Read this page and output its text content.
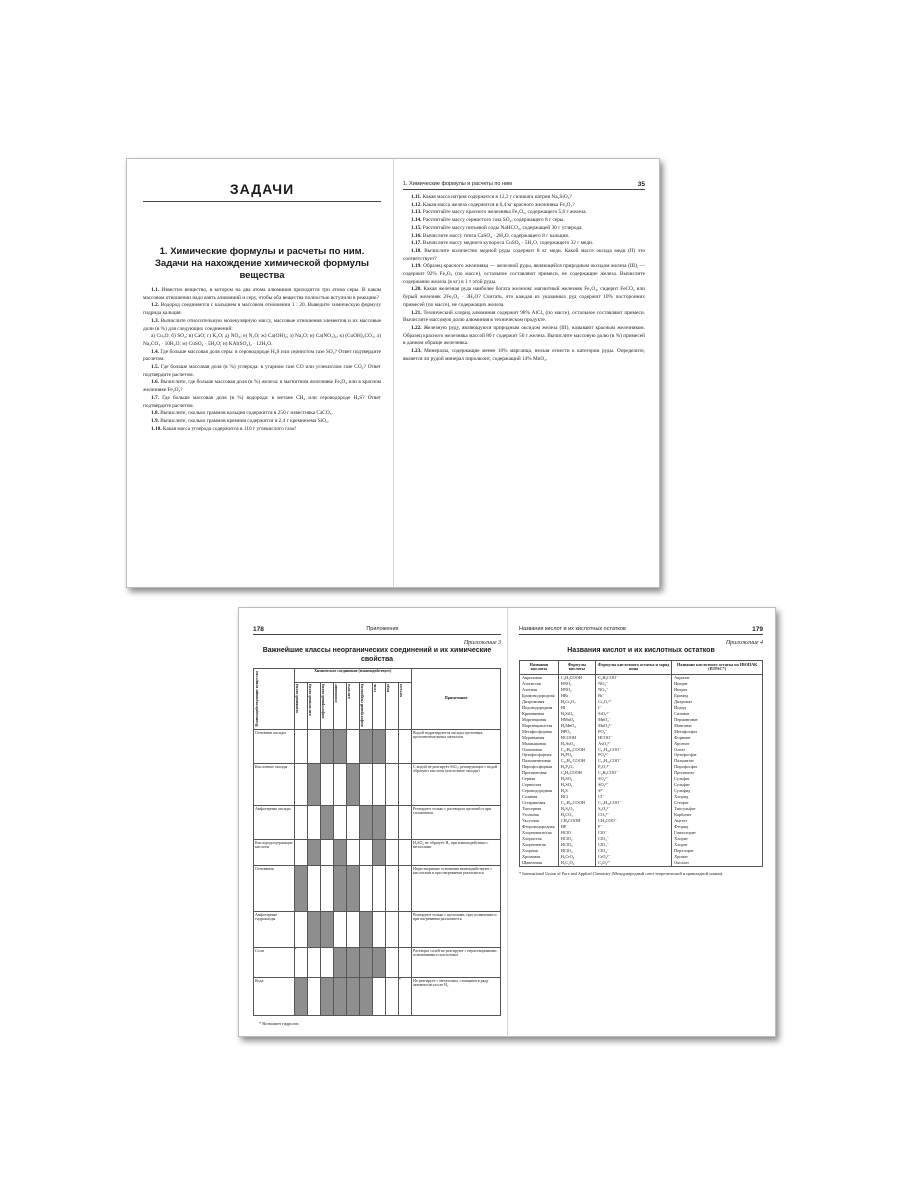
ЗАДАЧИ
1. Химические формулы и расчеты по ним. Задачи на нахождение химической формулы вещества

1.1. Известно вещество, в котором на два атома алюминия приходится три атома серы. В каком массовом отношении надо взять алюминий и серу, чтобы оба вещества полностью вступили в реакцию?

1.2. Водород соединяется с кальцием в массовом отношении 1 : 20. Выведите химическую формулу гидрида кальция.

1.3. Вычислите относительную молекулярную массу, массовые отношения элементов и их массовые доли (в %) для следующих соединений:

а) Cu₂O; б) SO₂; в) CaO; г) K₂O; д) NO₂; е) N₂O; ж) Ca(OH)₂; з) Na₂O; и) Ca(NO₃)₂; к) (CuOH)₂CO₃; л) Na₂CO₃ · 10H₂O; м) CuSO₄ · 5H₂O; н) KAl(SO₄)₂ · 12H₂O.

1.4. Где больше массовая доля серы: в сероводороде H₂S или сернистом газе SO₂? Ответ подтвердите расчетом.

1.5. Где больше массовая доля (в %) углерода: в угарном газе CO или углекислом газе CO₂? Ответ подтвердите расчетом.

1.6. Вычислите, где больше массовая доля (в %) железа: в магнитном железняке Fe₃O₄ или в красном железняке Fe₂O₃?

1.7. Где больше массовая доля (в %) водорода: в метане CH₄ или сероводороде H₂S? Ответ подтвердите расчетом.

1.8. Вычислите, сколько граммов кальция содержится в 250 г известняка CaCO₃.

1.9. Вычислите, сколько граммов кремния содержится в 2,4 г кремнезема SiO₂.

1.10. Какая масса углерода содержится в 110 г углекислого газа?

1. Химические формулы и расчеты по ним	35

1.11. Какая масса натрия содержится в 12,2 г силиката натрия Na₂SiO₃?

1.12. Какая масса железа содержится в 6,4 кг красного железняка Fe₂O₃?

1.13. Рассчитайте массу красного железняка Fe₂O₃, содержащего 5,6 г железа.

1.14. Рассчитайте массу сернистого газа SO₂, содержащего 8 г серы.

1.15. Рассчитайте массу питьевой соды NaHCO₃, содержащей 30 г углерода.

1.16. Вычислите массу гипса CaSO₄ · 2H₂O, содержащего 8 г кальция.

1.17. Вычислите массу медного купороса CuSO₄ · 5H₂O, содержащего 32 г меди.

1.18. Вычислите количество медной руды содержит 8 кг меди. Какой массе оксида меди (II) это соответствует?

1.19. Образец красного железняка — железной руды, являющейся природным оксидом железа (III), — содержит 92% Fe₂O₃ (по массе), остальное составляют примеси, не содержащие железа. Вычислите содержание железа (в кг) в 1 т этой руды.

1.20. Какая железная руда наиболее богата железом: магнитный железняк Fe₃O₄, сидерит FeCO₃ или бурый железняк 2Fe₂O₃ · 3H₂O? Считать, что каждая из указанных руд содержит 10% посторонних примесей (по массе), не содержащих железа.

1.21. Технический хлорид алюминия содержит 98% AlCl₃ (по массе), остальное составляют примеси. Вычислите массовую долю алюминия в техническом продукте.

1.22. Железную руду, являющуюся природным оксидом железа (III), называют красным железняком. Образец красного железняка массой 80 г содержит 50 г железа. Вычислите массовую долю (в %) примесей в данном образце железняка.

1.23. Минералы, содержащие менее 10% марганца, нельзя отнести к категории руды. Определите, является ли рудой минерал пиролюзит, содержащий 14% MnO₂.

178	Приложения
Приложение 3
Важнейшие классы неорганических соединений и их химические свойства
Взаимодействующие вещества	Химическое соединение (взаимодействует)									Примечание

	основный оксид	кислотный оксид	амфотерный оксид	основание	кислота	амфотерный гидроксид	соль	вода	металл	

Основные оксиды										Водой гидратируются оксиды щелочных, щелочноземельных металлов
Кислотные оксиды										С водой не реагирует SiO₂; реагирующие с водой образуют кислоты (кислотные оксиды)
Амфотерные оксиды										Реагируют только с раствором щелочей и при сплавлении
Кислородсодержащие кислоты										H₂SO₄ не образует H₂ при взаимодействии с металлами
Основания										Нерастворимые основания взаимодействуют с кислотами и при нагревании разлагаются
Амфотерные гидроксиды										Реагируют только с щелочами, при сплавлении и при нагревании разлагаются
Соли	*									Растворы солей не реагируют с нерастворимыми основаниями и кислотами
Вода									*	Не реагирует с металлами, стоящими в ряду активности после H₂
* Возможен гидролиз.
Названия кислот и их кислотных остатков	179
Приложение 4
Названия кислот и их кислотных остатков
Названия кислоты	Формулы кислоты	Формулы кислотного остатка и заряд иона	Название кислотного остатка по ИЮПАК (IUPAC*)
Акриловая	C₂H₃COOH	C₂H₃COO⁻	Акрилат
Азотистая	HNO₂	NO₂⁻	Нитрит
Азотная	HNO₃	NO₃⁻	Нитрат
Бромоводородная	HBr	Br⁻	Бромид
Дихромовая	H₂Cr₂O₇	Cr₂O₇²⁻	Дихромат
Йодоводородная	HI	I⁻	Йодид
Кремниевая	H₂SiO₃	SiO₃²⁻	Силикат
Марганцовая	HMnO₄	MnO₄⁻	Перманганат
Марганцовистая	H₂MnO₄	MnO₄²⁻	Манганат
Метафосфорная	HPO₃	PO₃⁻	Метафосфат
Муравьиная	HCOOH	HCOO⁻	Формиат
Мышьяковая	H₃AsO₄	AsO₄³⁻	Арсенат
Олеиновая	C₁₇H₃₃COOH	C₁₇H₃₃COO⁻	Олеат
Ортофосфорная	H₃PO₄	PO₄³⁻	Ортофосфат
Пальмитиновая	C₁₅H₃₁COOH	C₁₅H₃₁COO⁻	Пальмитат
Пирофосфорная	H₄P₂O₇	P₂O₇⁴⁻	Пирофосфат
Пропионовая	C₂H₅COOH	C₂H₅COO⁻	Пропионат
Серная	H₂SO₄	SO₄²⁻	Сульфат
Сернистая	H₂SO₃	SO₃²⁻	Сульфит
Сероводородная	H₂S	S²⁻	Сульфид
Соляная	HCl	Cl⁻	Хлорид
Стеариновая	C₁₇H₃₅COOH	C₁₇H₃₅COO⁻	Стеарат
Тиосерная	H₂S₂O₃	S₂O₃²⁻	Тиосульфат
Угольная	H₂CO₃	CO₃²⁻	Карбонат
Уксусная	CH₃COOH	CH₃COO⁻	Ацетат
Фтороводородная	HF	F⁻	Фторид
Хлорноватистая	HClO	ClO⁻	Гипохлорит
Хлористая	HClO₂	ClO₂⁻	Хлорит
Хлорноватая	HClO₃	ClO₃⁻	Хлорат
Хлорная	HClO₄	ClO₄⁻	Перхлорат
Хромовая	H₂CrO₄	CrO₄²⁻	Хромат
Щавелевая	H₂C₂O₄	C₂O₄²⁻	Оксалат
* International Union of Pure and Applied Chemistry (Международный союз теоретической и прикладной химии).
